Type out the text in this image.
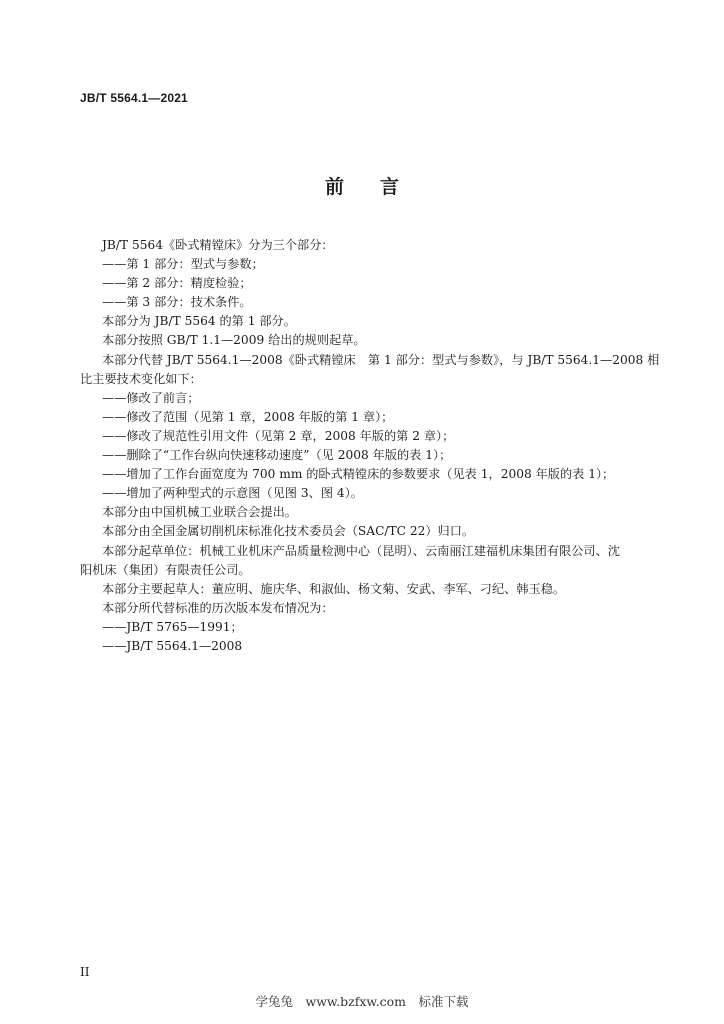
JB/T 5564.1—2021
前言
JB/T 5564《卧式精镗床》分为三个部分：
——第 1 部分：型式与参数；
——第 2 部分：精度检验；
——第 3 部分：技术条件。
本部分为 JB/T 5564 的第 1 部分。
本部分按照 GB/T 1.1—2009 给出的规则起草。
本部分代替 JB/T 5564.1—2008《卧式精镗床　第 1 部分：型式与参数》，与 JB/T 5564.1—2008 相
比主要技术变化如下：
——修改了前言；
——修改了范围（见第 1 章，2008 年版的第 1 章）；
——修改了规范性引用文件（见第 2 章，2008 年版的第 2 章）；
——删除了“工作台纵向快速移动速度”（见 2008 年版的表 1）；
——增加了工作台面宽度为 700 mm 的卧式精镗床的参数要求（见表 1，2008 年版的表 1）；
——增加了两种型式的示意图（见图 3、图 4）。
本部分由中国机械工业联合会提出。
本部分由全国金属切削机床标准化技术委员会（SAC/TC 22）归口。
本部分起草单位：机械工业机床产品质量检测中心（昆明）、云南丽江建福机床集团有限公司、沈
阳机床（集团）有限责任公司。
本部分主要起草人：董应明、施庆华、和淑仙、杨文菊、安武、李军、刁纪、韩玉稳。
本部分所代替标准的历次版本发布情况为：
——JB/T 5765—1991；
——JB/T 5564.1—2008
II
学兔兔　www.bzfxw.com　标准下载
